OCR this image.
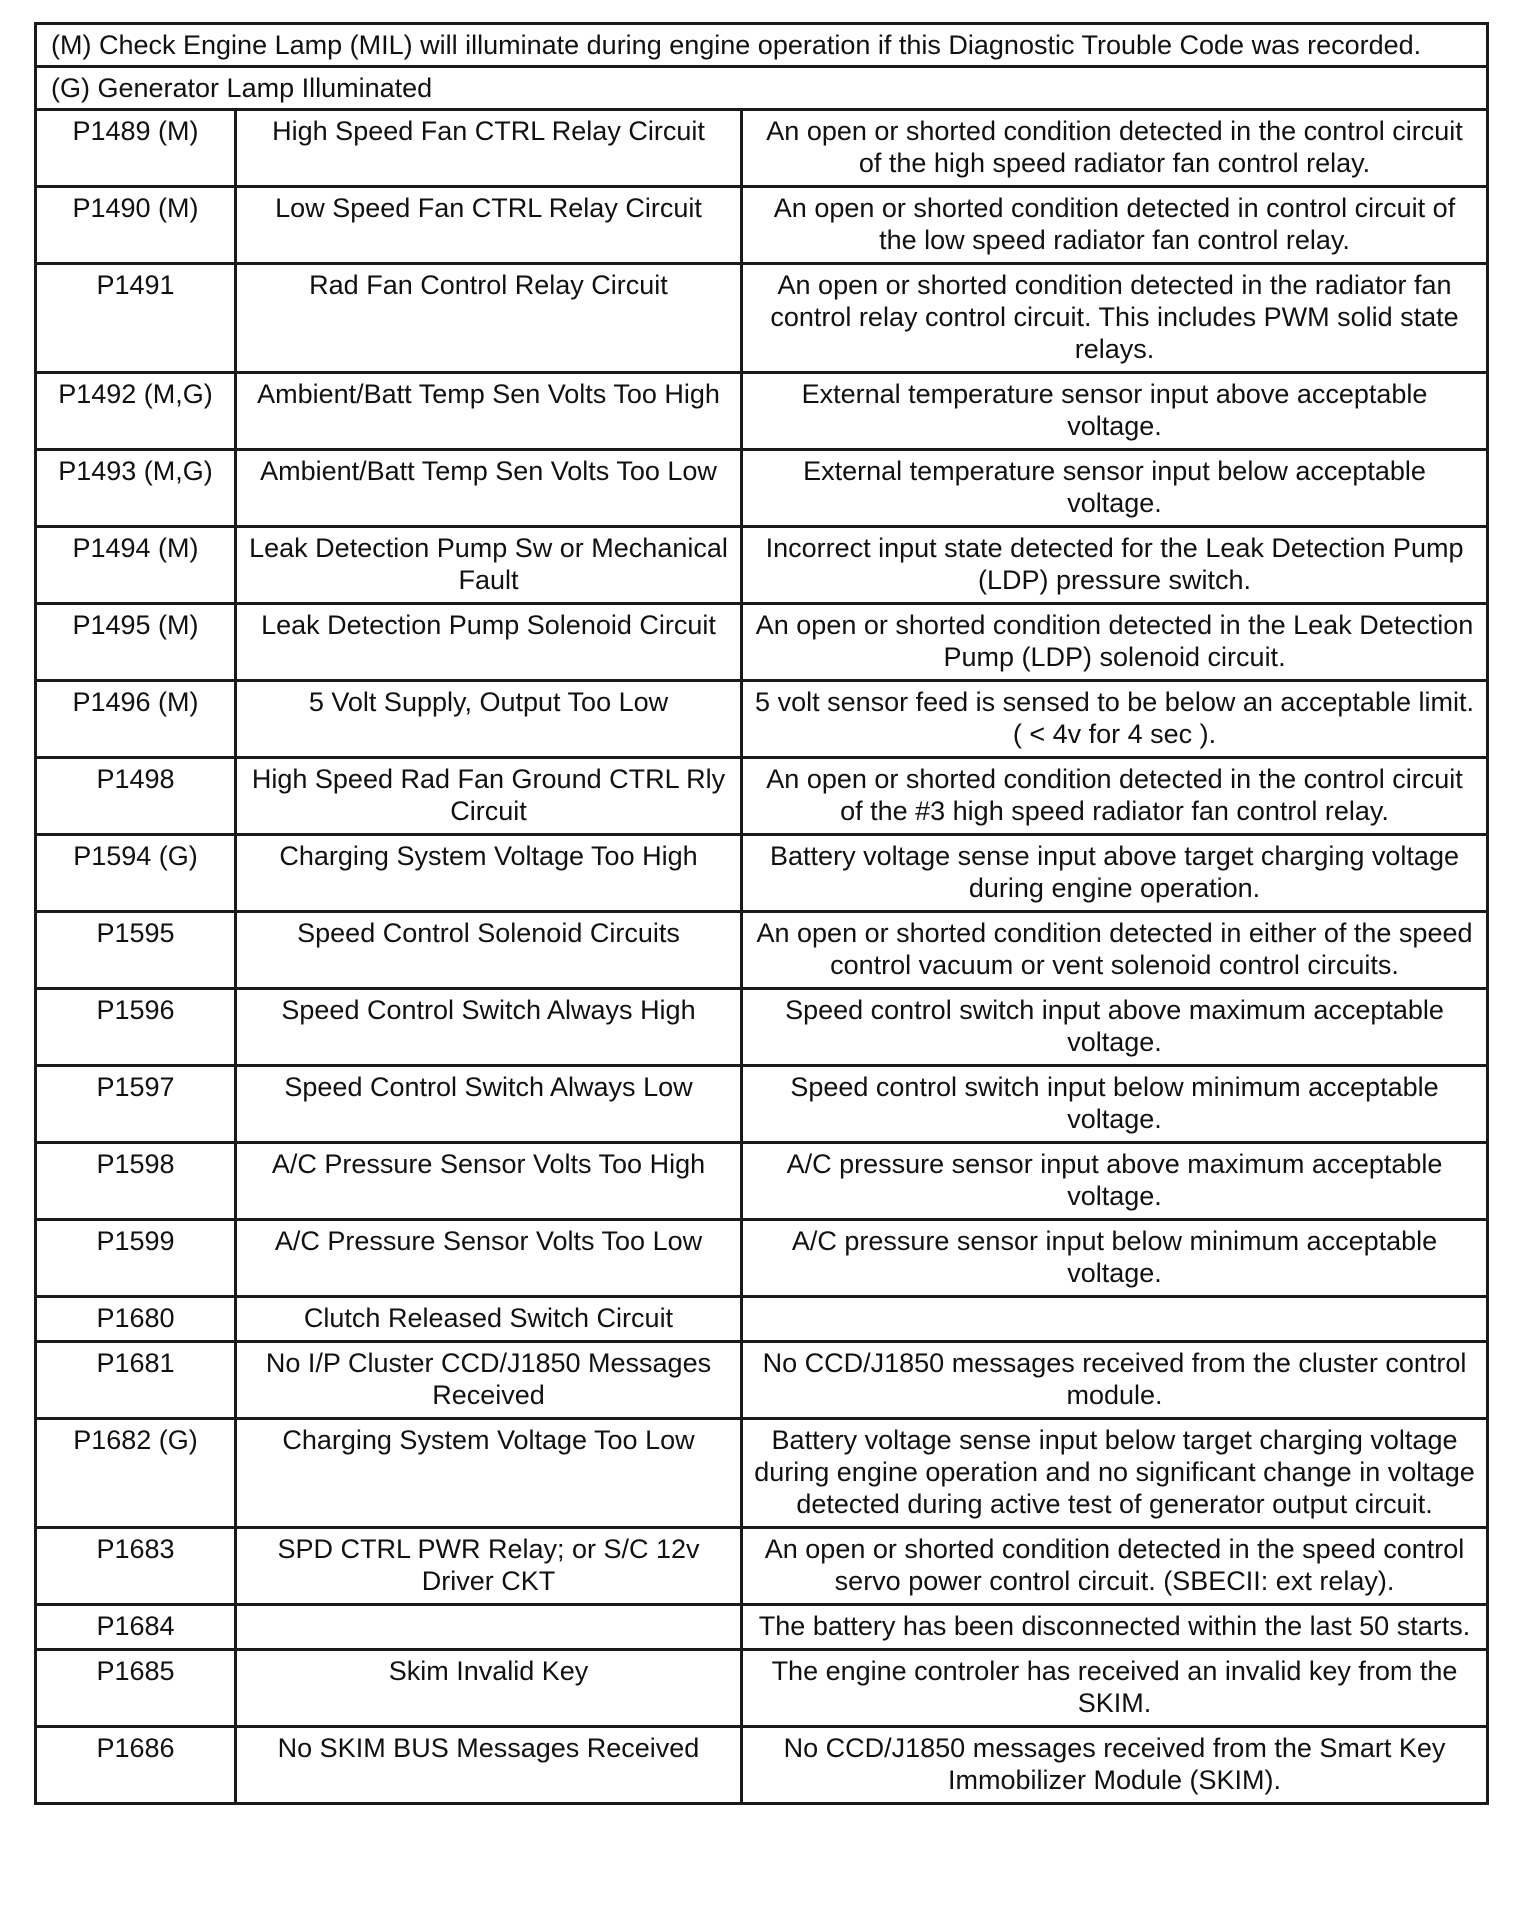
(M) Check Engine Lamp (MIL) will illuminate during engine operation if this Diagnostic Trouble Code was recorded.		
(G) Generator Lamp Illuminated		
P1489 (M)	High Speed Fan CTRL Relay Circuit	An open or shorted condition detected in the control circuit of the high speed radiator fan control relay.
P1490 (M)	Low Speed Fan CTRL Relay Circuit	An open or shorted condition detected in control circuit of the low speed radiator fan control relay.
P1491	Rad Fan Control Relay Circuit	An open or shorted condition detected in the radiator fan control relay control circuit. This includes PWM solid state relays.
P1492 (M,G)	Ambient/Batt Temp Sen Volts Too High	External temperature sensor input above acceptable voltage.
P1493 (M,G)	Ambient/Batt Temp Sen Volts Too Low	External temperature sensor input below acceptable voltage.
P1494 (M)	Leak Detection Pump Sw or Mechanical Fault	Incorrect input state detected for the Leak Detection Pump (LDP) pressure switch.
P1495 (M)	Leak Detection Pump Solenoid Circuit	An open or shorted condition detected in the Leak Detection Pump (LDP) solenoid circuit.
P1496 (M)	5 Volt Supply, Output Too Low	5 volt sensor feed is sensed to be below an acceptable limit. ( < 4v for 4 sec ).
P1498	High Speed Rad Fan Ground CTRL Rly Circuit	An open or shorted condition detected in the control circuit of the #3 high speed radiator fan control relay.
P1594 (G)	Charging System Voltage Too High	Battery voltage sense input above target charging voltage during engine operation.
P1595	Speed Control Solenoid Circuits	An open or shorted condition detected in either of the speed control vacuum or vent solenoid control circuits.
P1596	Speed Control Switch Always High	Speed control switch input above maximum acceptable voltage.
P1597	Speed Control Switch Always Low	Speed control switch input below minimum acceptable voltage.
P1598	A/C Pressure Sensor Volts Too High	A/C pressure sensor input above maximum acceptable voltage.
P1599	A/C Pressure Sensor Volts Too Low	A/C pressure sensor input below minimum acceptable voltage.
P1680	Clutch Released Switch Circuit	
P1681	No I/P Cluster CCD/J1850 Messages Received	No CCD/J1850 messages received from the cluster control module.
P1682 (G)	Charging System Voltage Too Low	Battery voltage sense input below target charging voltage during engine operation and no significant change in voltage detected during active test of generator output circuit.
P1683	SPD CTRL PWR Relay; or S/C 12v Driver CKT	An open or shorted condition detected in the speed control servo power control circuit. (SBECII: ext relay).
P1684		The battery has been disconnected within the last 50 starts.
P1685	Skim Invalid Key	The engine controler has received an invalid key from the SKIM.
P1686	No SKIM BUS Messages Received	No CCD/J1850 messages received from the Smart Key Immobilizer Module (SKIM).
